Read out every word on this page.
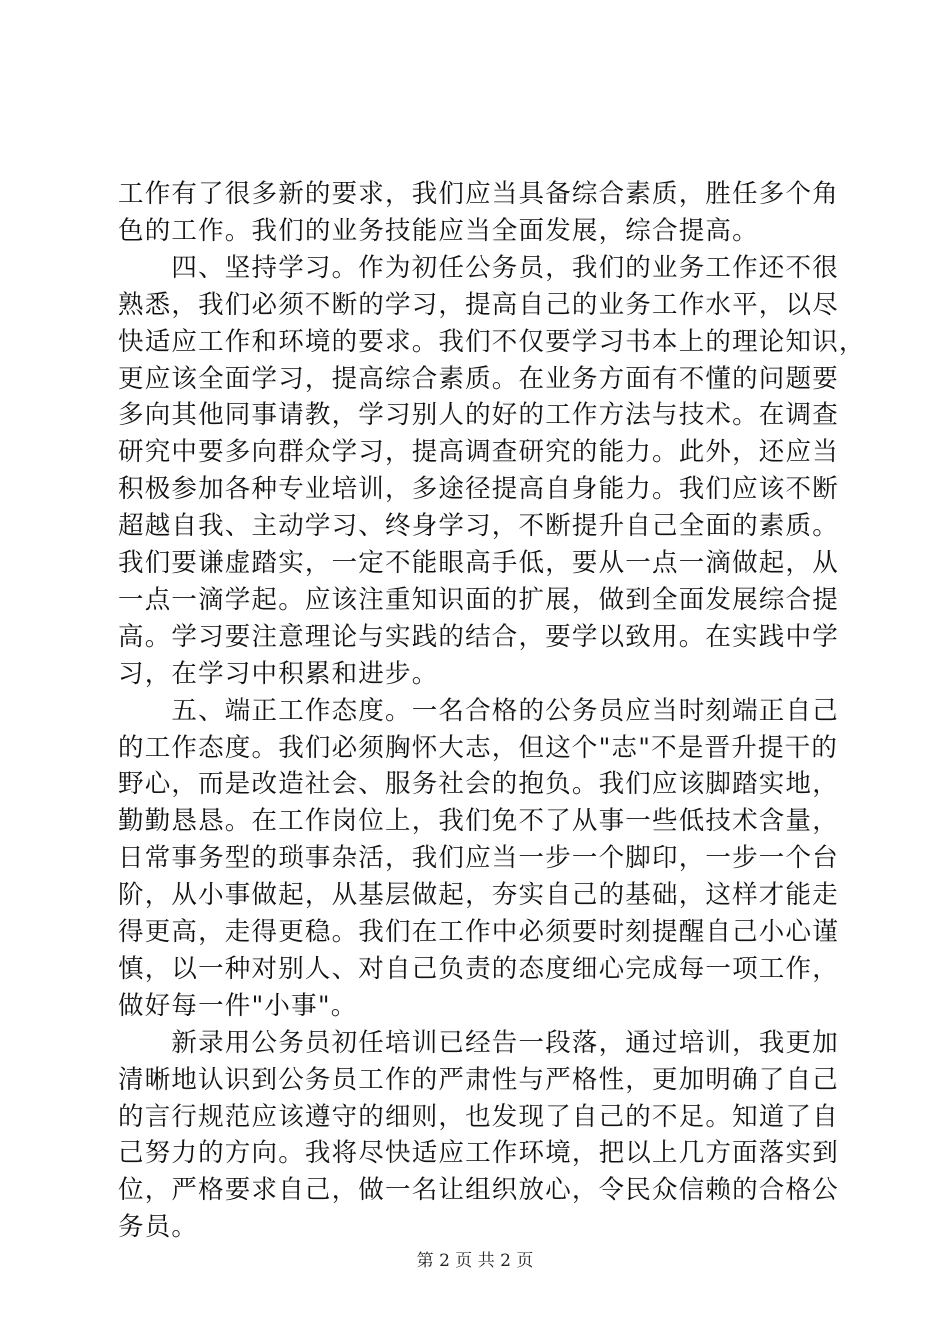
工作有了很多新的要求，我们应当具备综合素质，胜任多个角
色的工作。我们的业务技能应当全面发展，综合提高。
　　四、坚持学习。作为初任公务员，我们的业务工作还不很
熟悉，我们必须不断的学习，提高自己的业务工作水平，以尽
快适应工作和环境的要求。我们不仅要学习书本上的理论知识，
更应该全面学习，提高综合素质。在业务方面有不懂的问题要
多向其他同事请教，学习别人的好的工作方法与技术。在调查
研究中要多向群众学习，提高调查研究的能力。此外，还应当
积极参加各种专业培训，多途径提高自身能力。我们应该不断
超越自我、主动学习、终身学习，不断提升自己全面的素质。
我们要谦虚踏实，一定不能眼高手低，要从一点一滴做起，从
一点一滴学起。应该注重知识面的扩展，做到全面发展综合提
高。学习要注意理论与实践的结合，要学以致用。在实践中学
习，在学习中积累和进步。
　　五、端正工作态度。一名合格的公务员应当时刻端正自己
的工作态度。我们必须胸怀大志，但这个"志"不是晋升提干的
野心，而是改造社会、服务社会的抱负。我们应该脚踏实地，
勤勤恳恳。在工作岗位上，我们免不了从事一些低技术含量，
日常事务型的琐事杂活，我们应当一步一个脚印，一步一个台
阶，从小事做起，从基层做起，夯实自己的基础，这样才能走
得更高，走得更稳。我们在工作中必须要时刻提醒自己小心谨
慎，以一种对别人、对自己负责的态度细心完成每一项工作，
做好每一件"小事"。
　　新录用公务员初任培训已经告一段落，通过培训，我更加
清晰地认识到公务员工作的严肃性与严格性，更加明确了自己
的言行规范应该遵守的细则，也发现了自己的不足。知道了自
己努力的方向。我将尽快适应工作环境，把以上几方面落实到
位，严格要求自己，做一名让组织放心，令民众信赖的合格公
务员。
第 2 页 共 2 页
